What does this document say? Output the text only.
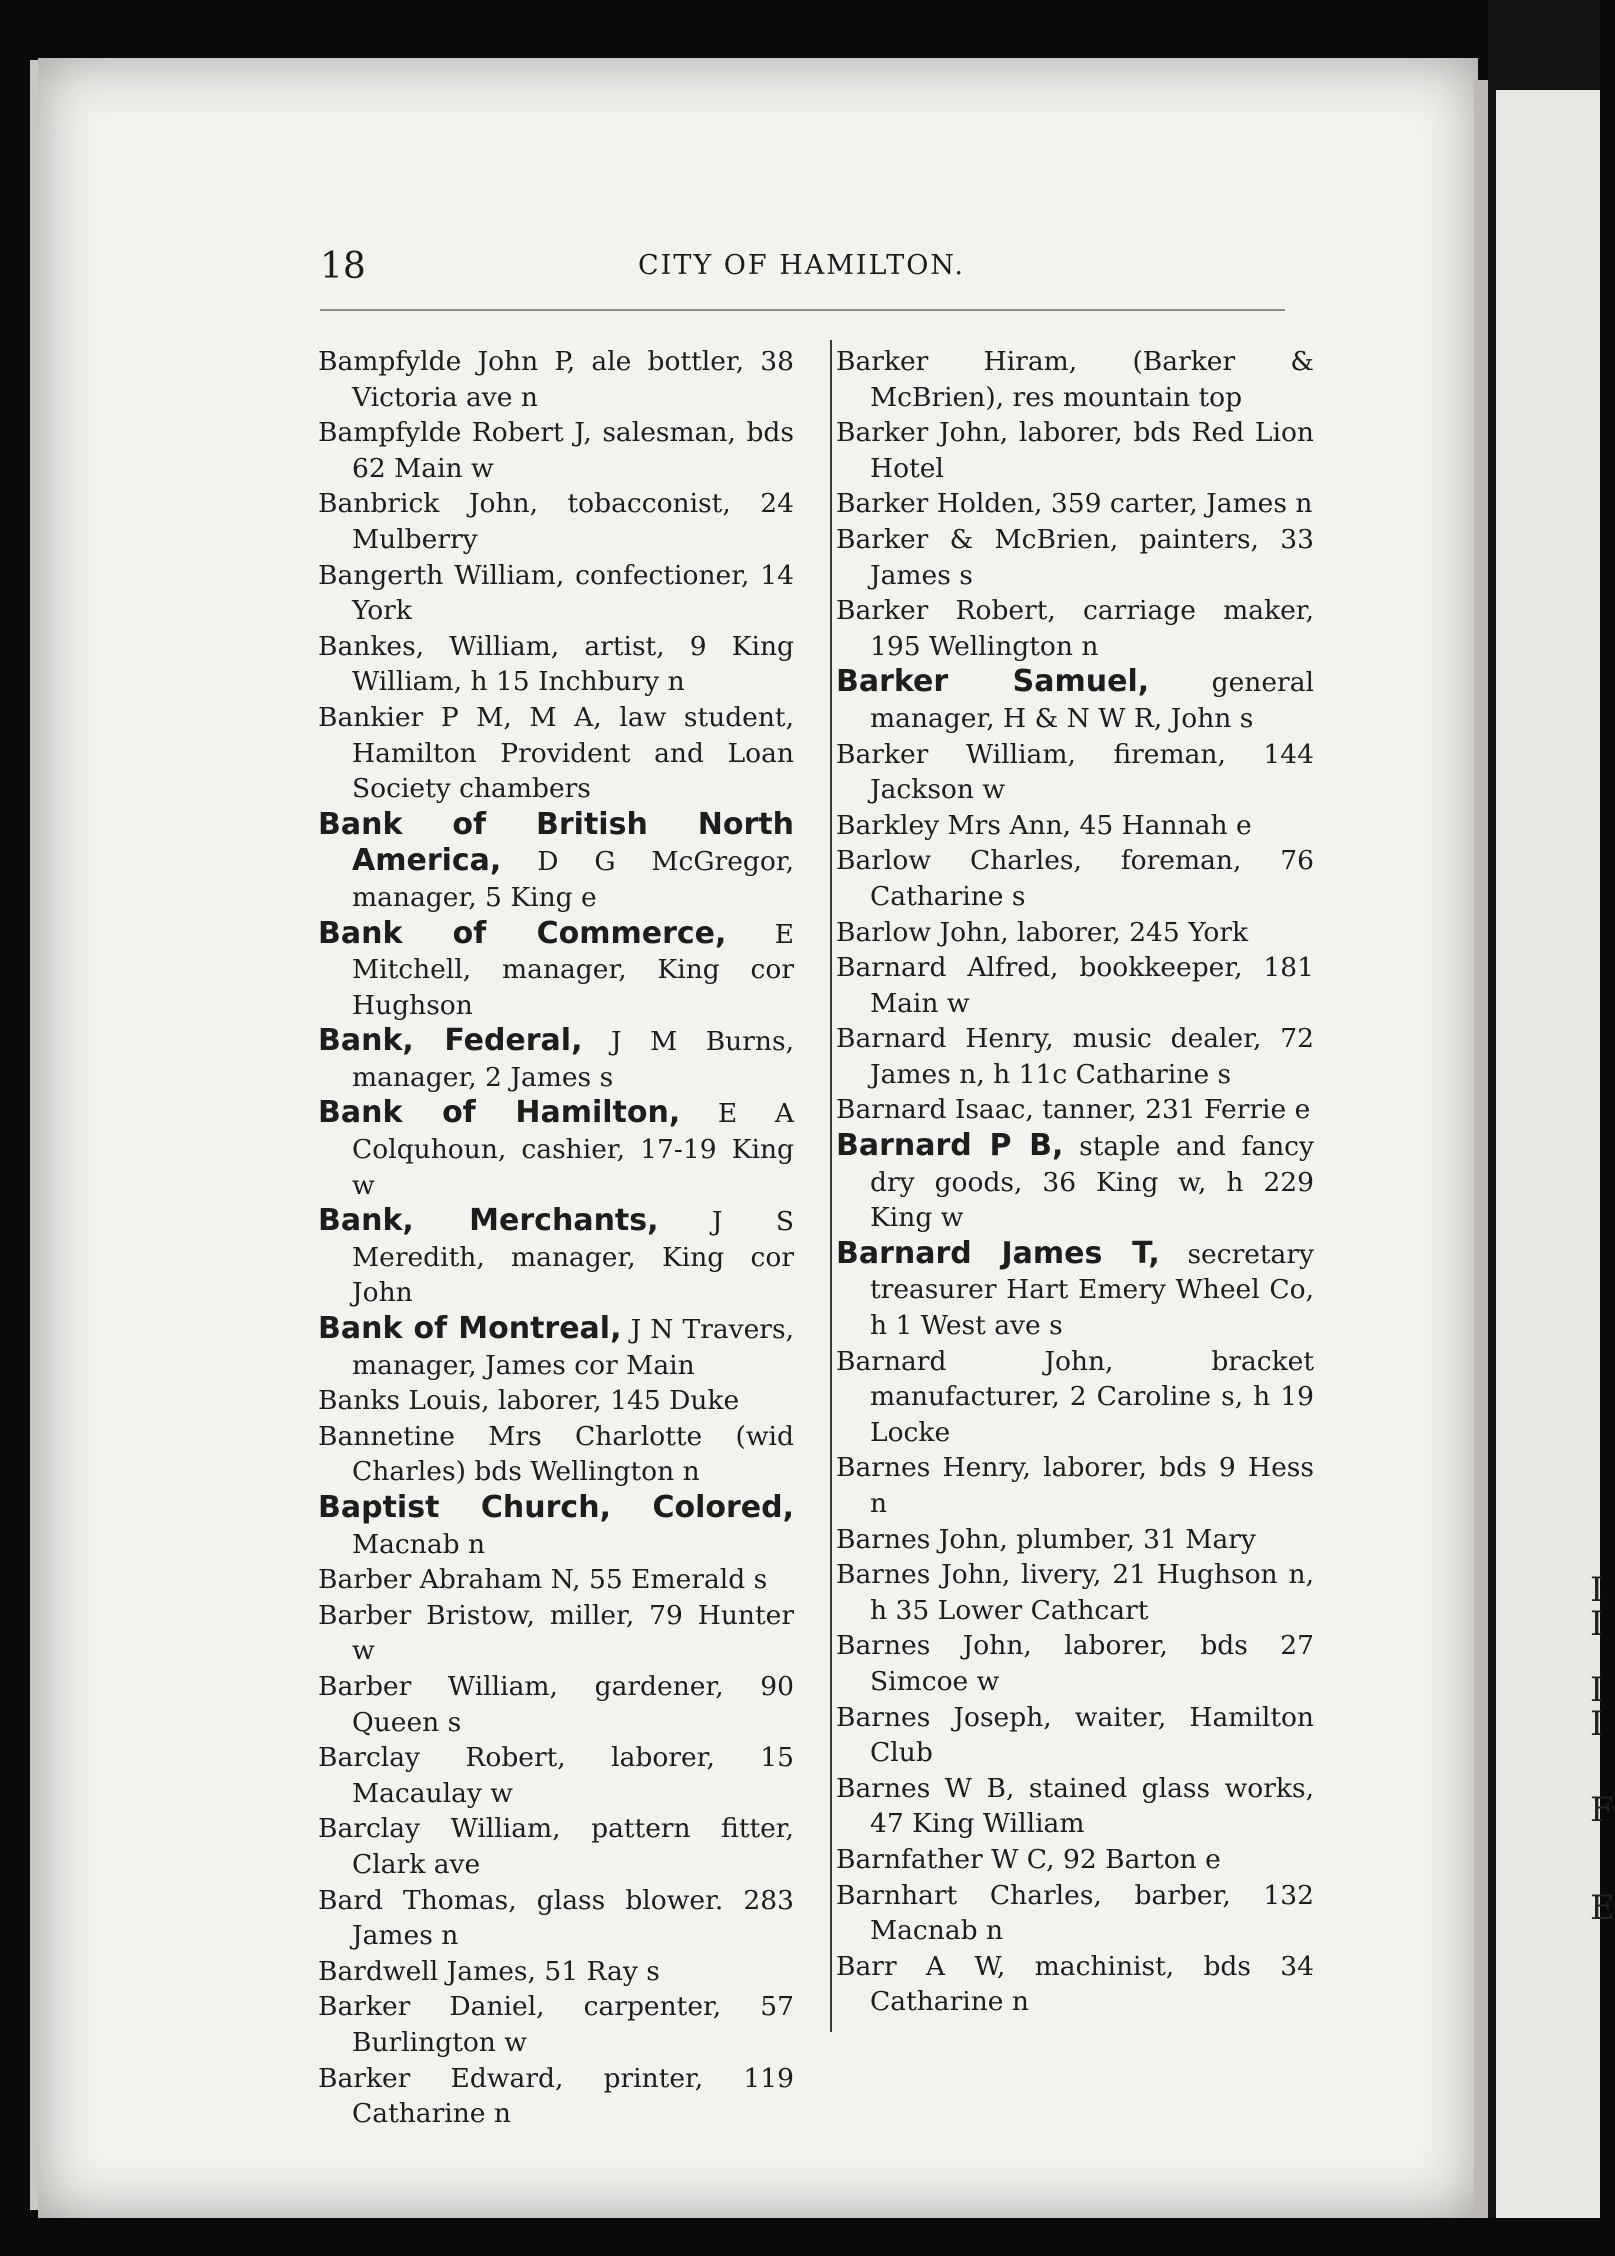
I
I
I
I
F
E
18	CITY OF HAMILTON.
Bampfylde John P, ale bottler, 38 Victoria ave n
Bampfylde Robert J, salesman, bds 62 Main w
Banbrick John, tobacconist, 24 Mulberry
Bangerth William, confectioner, 14 York
Bankes, William, artist, 9 King William, h 15 Inchbury n
Bankier P M, M A, law student, Hamilton Provident and Loan Society chambers
Bank of British North America, D G McGregor, manager, 5 King e
Bank of Commerce, E Mitchell, manager, King cor Hughson
Bank, Federal, J M Burns, manager, 2 James s
Bank of Hamilton, E A Colquhoun, cashier, 17-19 King w
Bank, Merchants, J S Meredith, manager, King cor John
Bank of Montreal, J N Travers, manager, James cor Main
Banks Louis, laborer, 145 Duke
Bannetine Mrs Charlotte (wid Charles) bds Wellington n
Baptist Church, Colored, Macnab n
Barber Abraham N, 55 Emerald s
Barber Bristow, miller, 79 Hunter w
Barber William, gardener, 90 Queen s
Barclay Robert, laborer, 15 Macaulay w
Barclay William, pattern fitter, Clark ave
Bard Thomas, glass blower. 283 James n
Bardwell James, 51 Ray s
Barker Daniel, carpenter, 57 Burlington w
Barker Edward, printer, 119 Catharine n
Barker Hiram, (Barker & McBrien), res mountain top
Barker John, laborer, bds Red Lion Hotel
Barker Holden, 359 carter, James n
Barker & McBrien, painters, 33 James s
Barker Robert, carriage maker, 195 Wellington n
Barker Samuel, general manager, H & N W R, John s
Barker William, fireman, 144 Jackson w
Barkley Mrs Ann, 45 Hannah e
Barlow Charles, foreman, 76 Catharine s
Barlow John, laborer, 245 York
Barnard Alfred, bookkeeper, 181 Main w
Barnard Henry, music dealer, 72 James n, h 11c Catharine s
Barnard Isaac, tanner, 231 Ferrie e
Barnard P B, staple and fancy dry goods, 36 King w, h 229 King w
Barnard James T, secretary treasurer Hart Emery Wheel Co, h 1 West ave s
Barnard John, bracket manufacturer, 2 Caroline s, h 19 Locke
Barnes Henry, laborer, bds 9 Hess n
Barnes John, plumber, 31 Mary
Barnes John, livery, 21 Hughson n, h 35 Lower Cathcart
Barnes John, laborer, bds 27 Simcoe w
Barnes Joseph, waiter, Hamilton Club
Barnes W B, stained glass works, 47 King William
Barnfather W C, 92 Barton e
Barnhart Charles, barber, 132 Macnab n
Barr A W, machinist, bds 34 Catharine n
